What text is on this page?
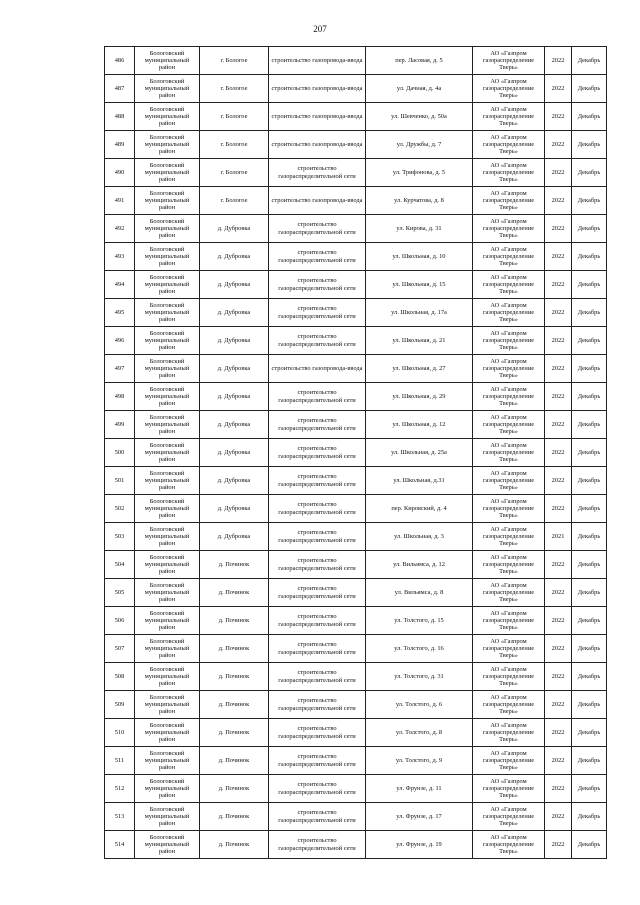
207
486	Бологовский муниципальный район	г. Бологое	строительство газопровода-ввода	пер. Ласовая, д. 5	АО «Газпром газораспределение Тверь»	2022	Декабрь
487	Бологовский муниципальный район	г. Бологое	строительство газопровода-ввода	ул. Дачная, д. 4а	АО «Газпром газораспределение Тверь»	2022	Декабрь
488	Бологовский муниципальный район	г. Бологое	строительство газопровода-ввода	ул. Шевченко, д. 50а	АО «Газпром газораспределение Тверь»	2022	Декабрь
489	Бологовский муниципальный район	г. Бологое	строительство газопровода-ввода	ул. Дружбы, д. 7	АО «Газпром газораспределение Тверь»	2022	Декабрь
490	Бологовский муниципальный район	г. Бологое	строительство газораспределительной сети	ул. Трифонова, д. 5	АО «Газпром газораспределение Тверь»	2022	Декабрь
491	Бологовский муниципальный район	г. Бологое	строительство газопровода-ввода	ул. Курчатова, д. 8	АО «Газпром газораспределение Тверь»	2022	Декабрь
492	Бологовский муниципальный район	д. Дубровка	строительство газораспределительной сети	ул. Кирова, д. 31	АО «Газпром газораспределение Тверь»	2022	Декабрь
493	Бологовский муниципальный район	д. Дубровка	строительство газораспределительной сети	ул. Школьная, д. 10	АО «Газпром газораспределение Тверь»	2022	Декабрь
494	Бологовский муниципальный район	д. Дубровка	строительство газораспределительной сети	ул. Школьная, д. 15	АО «Газпром газораспределение Тверь»	2022	Декабрь
495	Бологовский муниципальный район	д. Дубровка	строительство газораспределительной сети	ул. Школьная, д. 17а	АО «Газпром газораспределение Тверь»	2022	Декабрь
496	Бологовский муниципальный район	д. Дубровка	строительство газораспределительной сети	ул. Школьная, д. 21	АО «Газпром газораспределение Тверь»	2022	Декабрь
497	Бологовский муниципальный район	д. Дубровка	строительство газопровода-ввода	ул. Школьная, д. 27	АО «Газпром газораспределение Тверь»	2022	Декабрь
498	Бологовский муниципальный район	д. Дубровка	строительство газораспределительной сети	ул. Школьная, д. 29	АО «Газпром газораспределение Тверь»	2022	Декабрь
499	Бологовский муниципальный район	д. Дубровка	строительство газораспределительной сети	ул. Школьная, д. 12	АО «Газпром газораспределение Тверь»	2022	Декабрь
500	Бологовский муниципальный район	д. Дубровка	строительство газораспределительной сети	ул. Школьная, д. 25а	АО «Газпром газораспределение Тверь»	2022	Декабрь
501	Бологовский муниципальный район	д. Дубровка	строительство газораспределительной сети	ул. Школьная, д.31	АО «Газпром газораспределение Тверь»	2022	Декабрь
502	Бологовский муниципальный район	д. Дубровка	строительство газораспределительной сети	пер. Кировский, д. 4	АО «Газпром газораспределение Тверь»	2022	Декабрь
503	Бологовский муниципальный район	д. Дубровка	строительство газораспределительной сети	ул. Школьная, д. 3	АО «Газпром газораспределение Тверь»	2021	Декабрь
504	Бологовский муниципальный район	д. Починок	строительство газораспределительной сети	ул. Вильямса, д. 12	АО «Газпром газораспределение Тверь»	2022	Декабрь
505	Бологовский муниципальный район	д. Починок	строительство газораспределительной сети	ул. Вильямса, д. 8	АО «Газпром газораспределение Тверь»	2022	Декабрь
506	Бологовский муниципальный район	д. Починок	строительство газораспределительной сети	ул. Толстого, д. 15	АО «Газпром газораспределение Тверь»	2022	Декабрь
507	Бологовский муниципальный район	д. Починок	строительство газораспределительной сети	ул. Толстого, д. 16	АО «Газпром газораспределение Тверь»	2022	Декабрь
508	Бологовский муниципальный район	д. Починок	строительство газораспределительной сети	ул. Толстого, д. 31	АО «Газпром газораспределение Тверь»	2022	Декабрь
509	Бологовский муниципальный район	д. Починок	строительство газораспределительной сети	ул. Толстого, д. 6	АО «Газпром газораспределение Тверь»	2022	Декабрь
510	Бологовский муниципальный район	д. Починок	строительство газораспределительной сети	ул. Толстого, д. 8	АО «Газпром газораспределение Тверь»	2022	Декабрь
511	Бологовский муниципальный район	д. Починок	строительство газораспределительной сети	ул. Толстого, д. 9	АО «Газпром газораспределение Тверь»	2022	Декабрь
512	Бологовский муниципальный район	д. Починок	строительство газораспределительной сети	ул. Фрунзе, д. 11	АО «Газпром газораспределение Тверь»	2022	Декабрь
513	Бологовский муниципальный район	д. Починок	строительство газораспределительной сети	ул. Фрунзе, д. 17	АО «Газпром газораспределение Тверь»	2022	Декабрь
514	Бологовский муниципальный район	д. Починок	строительство газораспределительной сети	ул. Фрунзе, д. 19	АО «Газпром газораспределение Тверь»	2022	Декабрь
